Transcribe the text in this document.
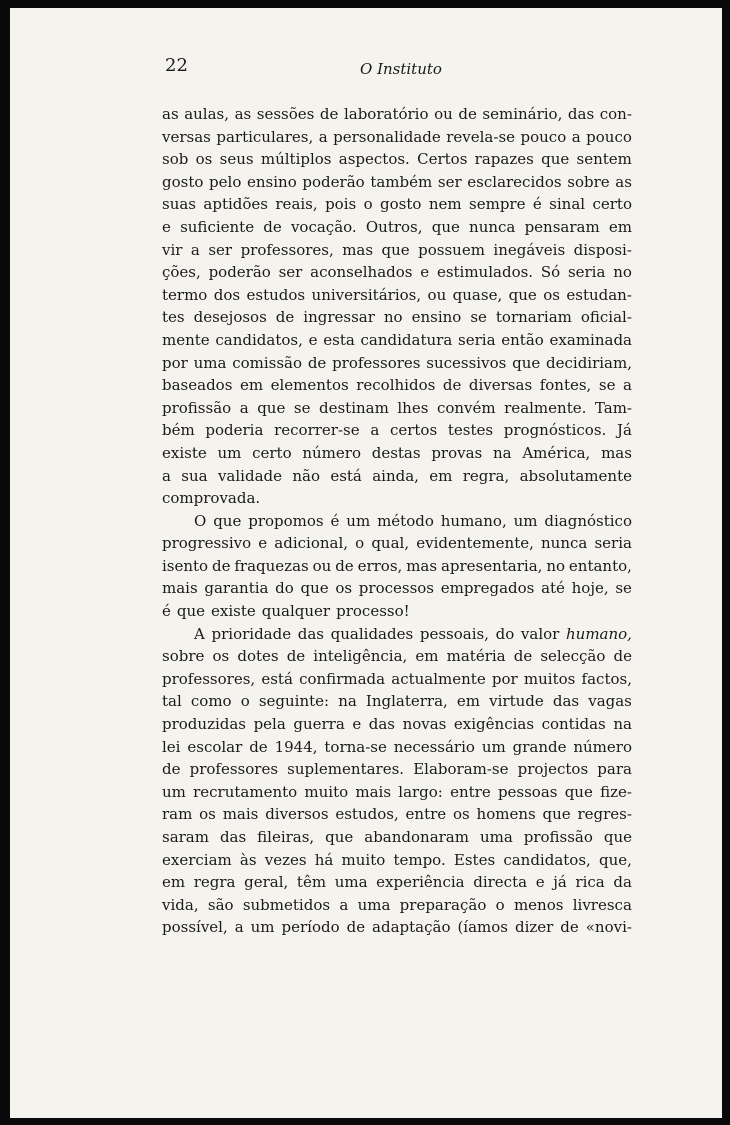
22	O Instituto
as aulas, as sessões de laboratório ou de seminário, das con-
versas particulares, a personalidade revela-se pouco a pouco
sob os seus múltiplos aspectos. Certos rapazes que sentem
gosto pelo ensino poderão também ser esclarecidos sobre as
suas aptidões reais, pois o gosto nem sempre é sinal certo
e suficiente de vocação. Outros, que nunca pensaram em
vir a ser professores, mas que possuem inegáveis disposi-
ções, poderão ser aconselhados e estimulados. Só seria no
termo dos estudos universitários, ou quase, que os estudan-
tes desejosos de ingressar no ensino se tornariam oficial-
mente candidatos, e esta candidatura seria então examinada
por uma comissão de professores sucessivos que decidiriam,
baseados em elementos recolhidos de diversas fontes, se a
profissão a que se destinam lhes convém realmente. Tam-
bém poderia recorrer-se a certos testes prognósticos. Já
existe um certo número destas provas na América, mas
a sua validade não está ainda, em regra, absolutamente
comprovada.
O que propomos é um método humano, um diagnóstico
progressivo e adicional, o qual, evidentemente, nunca seria
isento de fraquezas ou de erros, mas apresentaria, no entanto,
mais garantia do que os processos empregados até hoje, se
é que existe qualquer processo!
A prioridade das qualidades pessoais, do valor humano,
sobre os dotes de inteligência, em matéria de selecção de
professores, está confirmada actualmente por muitos factos,
tal como o seguinte: na Inglaterra, em virtude das vagas
produzidas pela guerra e das novas exigências contidas na
lei escolar de 1944, torna-se necessário um grande número
de professores suplementares. Elaboram-se projectos para
um recrutamento muito mais largo: entre pessoas que fize-
ram os mais diversos estudos, entre os homens que regres-
saram das fileiras, que abandonaram uma profissão que
exerciam às vezes há muito tempo. Estes candidatos, que,
em regra geral, têm uma experiência directa e já rica da
vida, são submetidos a uma preparação o menos livresca
possível, a um período de adaptação (íamos dizer de «novi-
